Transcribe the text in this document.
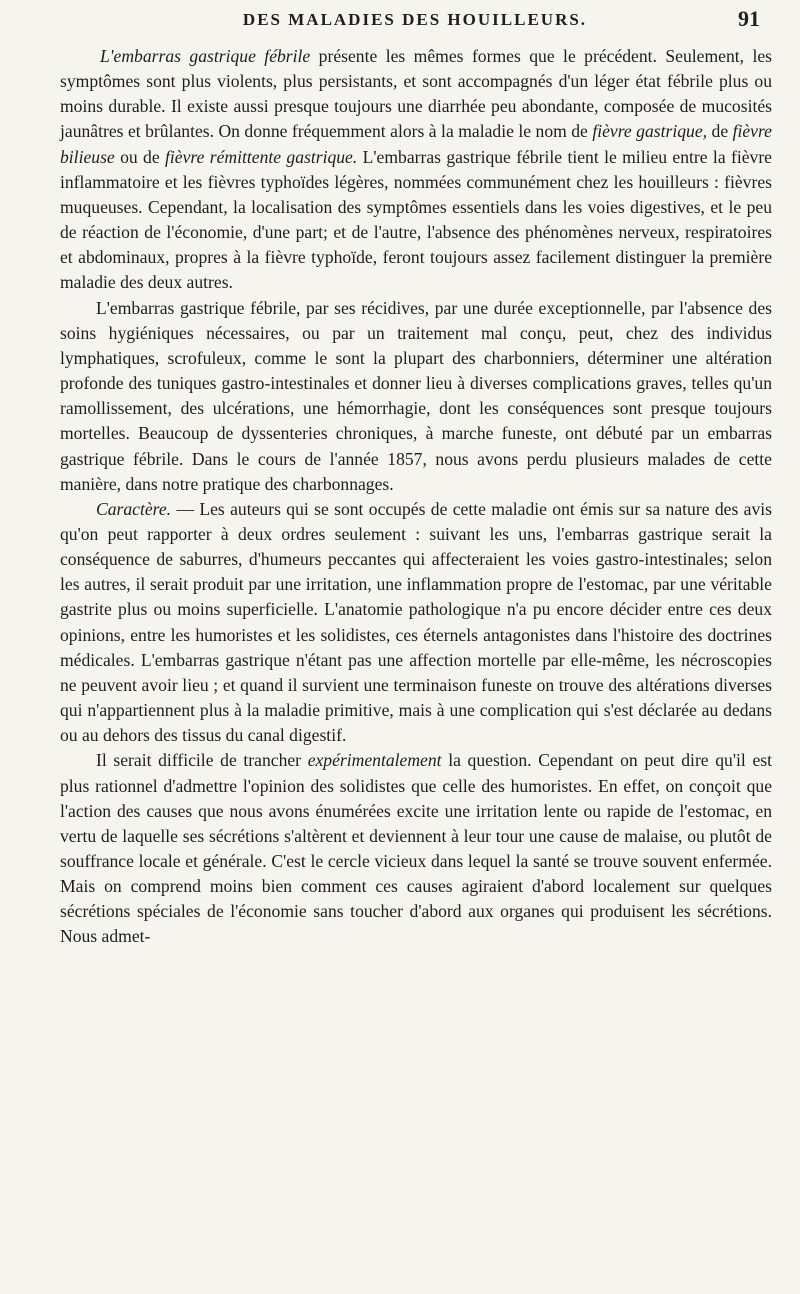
DES MALADIES DES HOUILLEURS.	91

L'embarras gastrique fébrile présente les mêmes formes que le précédent. Seulement, les symptômes sont plus violents, plus persistants, et sont accompagnés d'un léger état fébrile plus ou moins durable. Il existe aussi presque toujours une diarrhée peu abondante, composée de mucosités jaunâtres et brûlantes. On donne fréquemment alors à la maladie le nom de fièvre gastrique, de fièvre bilieuse ou de fièvre rémittente gastrique. L'embarras gastrique fébrile tient le milieu entre la fièvre inflammatoire et les fièvres typhoïdes légères, nommées communément chez les houilleurs : fièvres muqueuses. Cependant, la localisation des symptômes essentiels dans les voies digestives, et le peu de réaction de l'économie, d'une part; et de l'autre, l'absence des phénomènes nerveux, respiratoires et abdominaux, propres à la fièvre typhoïde, feront toujours assez facilement distinguer la première maladie des deux autres.

L'embarras gastrique fébrile, par ses récidives, par une durée exceptionnelle, par l'absence des soins hygiéniques nécessaires, ou par un traitement mal conçu, peut, chez des individus lymphatiques, scrofuleux, comme le sont la plupart des charbonniers, déterminer une altération profonde des tuniques gastro-intestinales et donner lieu à diverses complications graves, telles qu'un ramollissement, des ulcérations, une hémorrhagie, dont les conséquences sont presque toujours mortelles. Beaucoup de dyssenteries chroniques, à marche funeste, ont débuté par un embarras gastrique fébrile. Dans le cours de l'année 1857, nous avons perdu plusieurs malades de cette manière, dans notre pratique des charbonnages.

Caractère. — Les auteurs qui se sont occupés de cette maladie ont émis sur sa nature des avis qu'on peut rapporter à deux ordres seulement : suivant les uns, l'embarras gastrique serait la conséquence de saburres, d'humeurs peccantes qui affecteraient les voies gastro-intestinales; selon les autres, il serait produit par une irritation, une inflammation propre de l'estomac, par une véritable gastrite plus ou moins superficielle. L'anatomie pathologique n'a pu encore décider entre ces deux opinions, entre les humoristes et les solidistes, ces éternels antagonistes dans l'histoire des doctrines médicales. L'embarras gastrique n'étant pas une affection mortelle par elle-même, les nécroscopies ne peuvent avoir lieu ; et quand il survient une terminaison funeste on trouve des altérations diverses qui n'appartiennent plus à la maladie primitive, mais à une complication qui s'est déclarée au dedans ou au dehors des tissus du canal digestif.

Il serait difficile de trancher expérimentalement la question. Cependant on peut dire qu'il est plus rationnel d'admettre l'opinion des solidistes que celle des humoristes. En effet, on conçoit que l'action des causes que nous avons énumérées excite une irritation lente ou rapide de l'estomac, en vertu de laquelle ses sécrétions s'altèrent et deviennent à leur tour une cause de malaise, ou plutôt de souffrance locale et générale. C'est le cercle vicieux dans lequel la santé se trouve souvent enfermée. Mais on comprend moins bien comment ces causes agiraient d'abord localement sur quelques sécrétions spéciales de l'économie sans toucher d'abord aux organes qui produisent les sécrétions. Nous admet-
